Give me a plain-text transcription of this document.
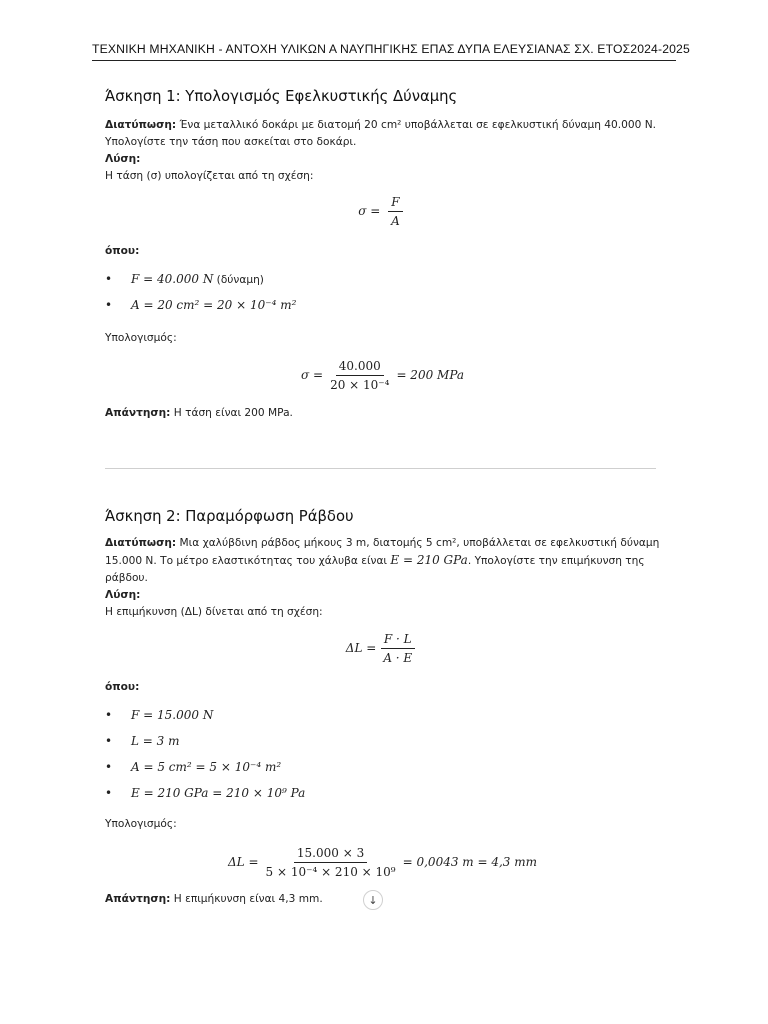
ΤΕΧΝΙΚΗ ΜΗΧΑΝΙΚΗ - ΑΝΤΟΧΗ ΥΛΙΚΩΝ Α ΝΑΥΠΗΓΙΚΗΣ ΕΠΑΣ ΔΥΠΑ ΕΛΕΥΣΙΑΝΑΣ ΣΧ. ΕΤΟΣ2024-2025
Άσκηση 1: Υπολογισμός Εφελκυστικής Δύναμης

Διατύπωση: Ένα μεταλλικό δοκάρι με διατομή 20 cm² υποβάλλεται σε εφελκυστική δύναμη 40.000 N. Υπολογίστε την τάση που ασκείται στο δοκάρι.

Λύση:

Η τάση (σ) υπολογίζεται από τη σχέση:

$\sigma = \frac{F}{A}$

όπου:

• F = 40.000 N (δύναμη)
• A = 20 cm² = 20 × 10⁻⁴ m²

Υπολογισμός:

$\sigma = \frac{40.000}{\text{20 × 10⁻⁴}} = 200$ MPa

Απάντηση: Η τάση είναι 200 MPa.

Άσκηση 2: Παραμόρφωση Ράβδου

Διατύπωση: Μια χαλύβδινη ράβδος μήκους 3 m, διατομής 5 cm², υποβάλλεται σε εφελκυστική δύναμη 15.000 N. Το μέτρο ελαστικότητας του χάλυβα είναι E = 210 GPa. Υπολογίστε την επιμήκυνση της ράβδου.

Λύση:

Η επιμήκυνση (ΔL) δίνεται από τη σχέση:

$\Delta L = \frac{F \cdot L}{A \cdot E}$

όπου:

• F = 15.000 N
• L = 3 m
• A = 5 cm² = 5 × 10⁻⁴ m²
• E = 210 GPa = 210 × 10⁹ Pa

Υπολογισμός:

$\Delta L = \frac{15.000 \times 3}{\text{5 × 10⁻⁴ × 210 × 10⁹}} = 0,0043$ m = 4,3 mm

Απάντηση: Η επιμήκυνση είναι 4,3 mm.	↓
